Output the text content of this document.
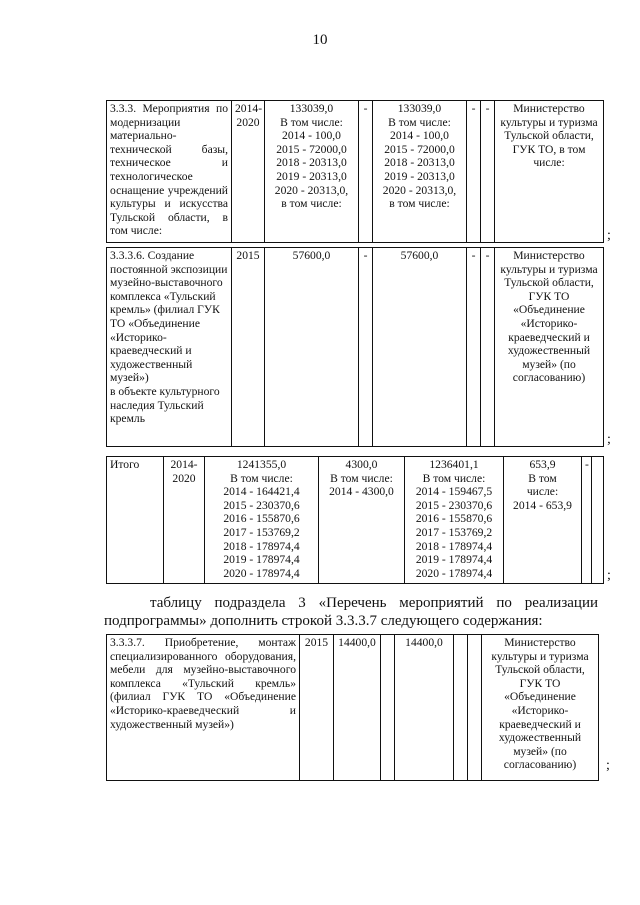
10
3.3.3. Мероприятия по модернизации материально-технической базы, техническое и технологическое оснащение учреждений культуры и искусства Тульской области, в том числе:	2014-
2020	133039,0
В том числе:
2014 - 100,0
2015 - 72000,0
2018 - 20313,0
2019 - 20313,0
2020 - 20313,0,
в том числе:	-	133039,0
В том числе:
2014 - 100,0
2015 - 72000,0
2018 - 20313,0
2019 - 20313,0
2020 - 20313,0,
в том числе:	-	-	Министерство культуры и туризма Тульской области, ГУК ТО, в том числе:
;
3.3.3.6. Создание постоянной экспозиции музейно-выставочного комплекса «Тульский кремль» (филиал ГУК ТО «Объединение «Историко-краеведческий и художественный музей»)
в объекте культурного наследия Тульский кремль
	2015	57600,0	-	57600,0	-	-	Министерство культуры и туризма Тульской области, ГУК ТО «Объединение «Историко-краеведческий и художественный музей» (по согласованию)
;
Итого	2014-
2020	1241355,0
В том числе:
2014 - 164421,4
2015 - 230370,6
2016 - 155870,6
2017 - 153769,2
2018 - 178974,4
2019 - 178974,4
2020 - 178974,4	4300,0
В том числе:
2014 - 4300,0	1236401,1
В том числе:
2014 - 159467,5
2015 - 230370,6
2016 - 155870,6
2017 - 153769,2
2018 - 178974,4
2019 - 178974,4
2020 - 178974,4	653,9
В том
числе:
2014 - 653,9	-	
;
таблицу подраздела 3 «Перечень мероприятий по реализации
подпрограммы» дополнить строкой 3.3.3.7 следующего содержания:
3.3.3.7. Приобретение, монтаж специализированного оборудования, мебели для музейно-выставочного комплекса «Тульский кремль» (филиал ГУК ТО «Объединение «Историко-краеведческий и художественный музей»)	2015	14400,0		14400,0			Министерство культуры и туризма Тульской области, ГУК ТО «Объединение «Историко-краеведческий и художественный музей» (по согласованию) ;
